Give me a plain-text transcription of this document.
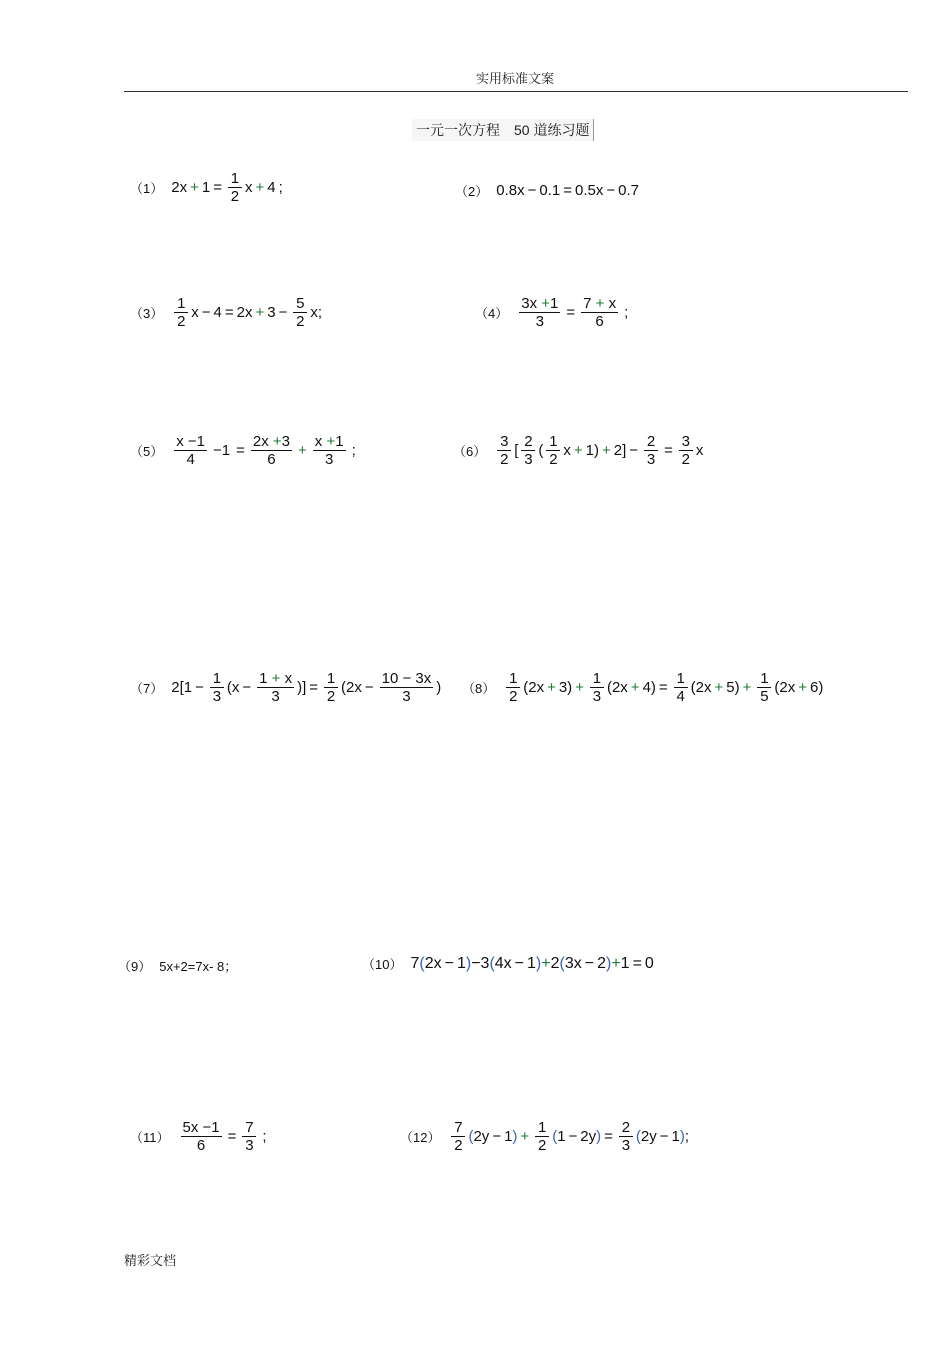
实用标准文案
一元一次方程 50 道练习题
（1） $2x + 1 = \frac{1}{2}$ x + 4 ;	（2） 0.8x − 0.1 = 0.5x − 0.7
$(3) \frac{1}{2}$ $x - 4 = 2x + 3 - \frac{5}{2}$ x ;	$(4) \frac{3x +1}{3} = \frac{7 + x}{6}$ ;
$(5) \frac{x -1}{4} -1 = \frac{2x +3}{6} + \frac{x +1}{3}$ ;	$(6) \frac{3}{2}$ [ $\frac{2}{3}$ ( $\frac{1}{2}$ $x + 1) + 2] - \frac{2}{3} = \frac{3}{2}$ x
（7） $2[1 - \frac{1}{3} (x - \frac{1 + x}{3}$ )] = $\frac{1}{2} (2x - \frac{10 - 3x}{3}$ ) $(8) \frac{1}{2} (2x + 3) + \frac{1}{3} (2x + 4) = \frac{1}{4} (2x + 5) + \frac{1}{5} (2x + 6)$
（9） 5x+2=7x- 8；	（10） 7 ( 2x − 1 ) − 3 ( 4x − 1 ) + 2 ( 3x − 2 ) + 1 = 0
$(11) \frac{5x -1}{6} = \frac{7}{3}$ ;	$(12) \frac{7}{2}$ ( 2y − 1 ) + $\frac{1}{2}$ ( 1 − 2y ) = $\frac{2}{3}$ ( 2y − 1 ) ;
精彩文档
